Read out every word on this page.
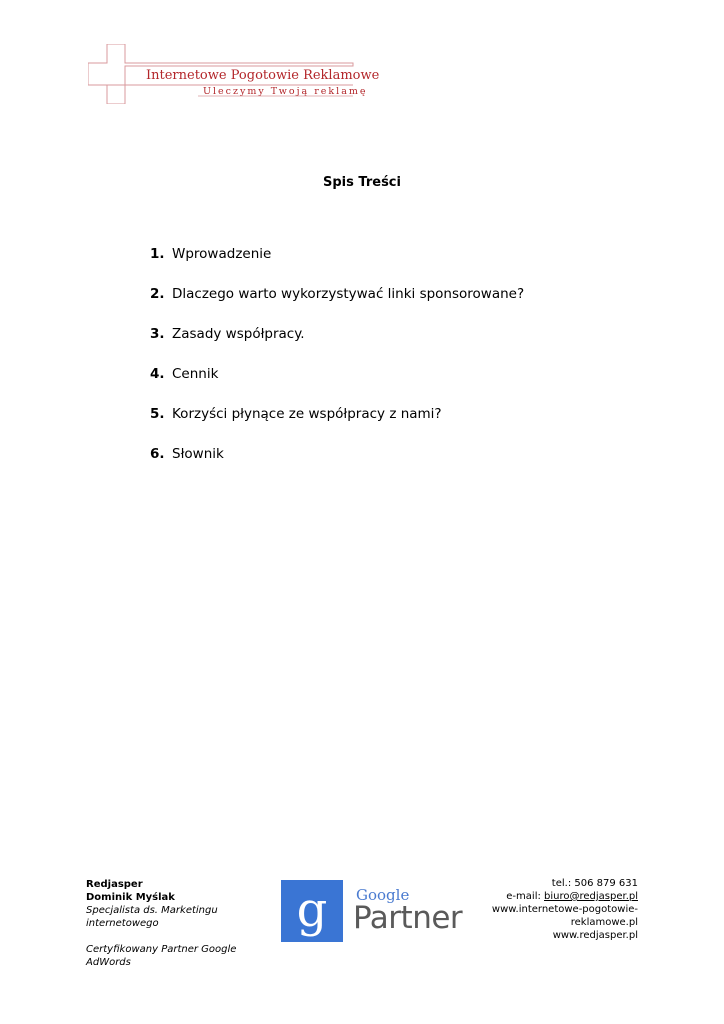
Internetowe Pogotowie Reklamowe
Uleczymy Twoją reklamę
Spis Treści
1. Wprowadzenie
2. Dlaczego warto wykorzystywać linki sponsorowane?
3. Zasady współpracy.
4. Cennik
5. Korzyści płynące ze współpracy z nami?
6. Słownik
Redjasper
Dominik Myślak
Specjalista ds. Marketingu internetowego
Certyfikowany Partner Google AdWords
g Google
Partner
tel.: 506 879 631
e-mail: biuro@redjasper.pl
www.internetowe-pogotowie-reklamowe.pl
www.redjasper.pl
